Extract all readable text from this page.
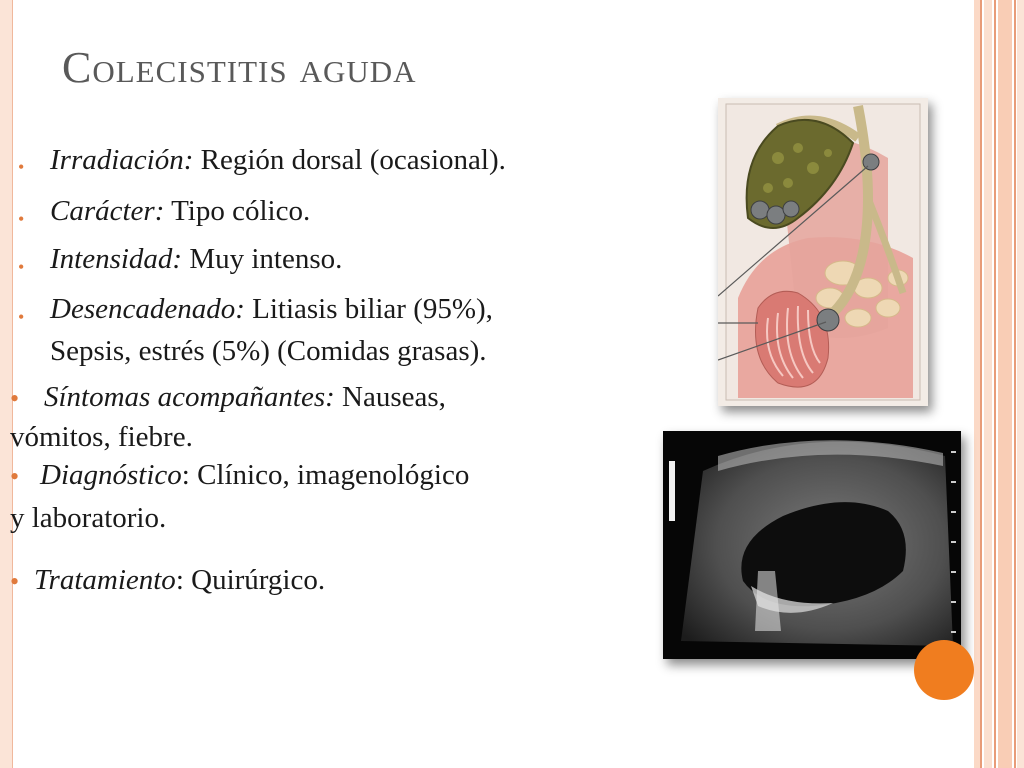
Colecistitis aguda
• Irradiación: Región dorsal (ocasional).
• Carácter: Tipo cólico.
• Intensidad: Muy intenso.
• Desencadenado: Litiasis biliar (95%),
Sepsis, estrés (5%) (Comidas grasas).
• Síntomas acompañantes: Nauseas,
vómitos, fiebre.
• Diagnóstico: Clínico, imagenológico
y laboratorio.
• Tratamiento: Quirúrgico.
